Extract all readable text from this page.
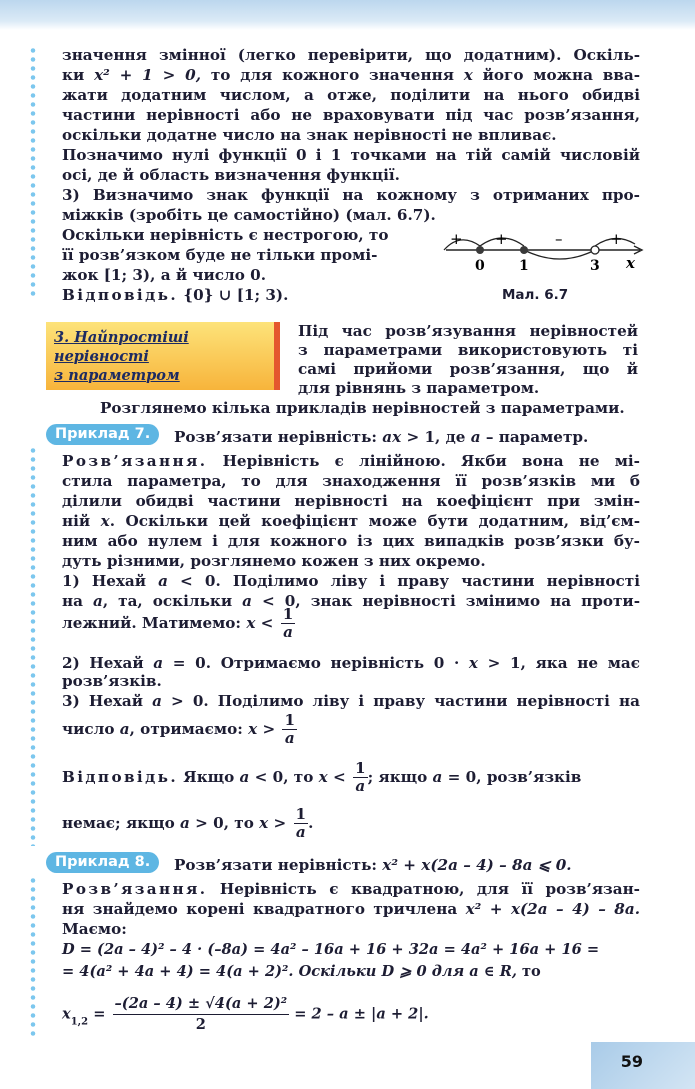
значення змінної (легко перевірити, що додатним). Оскіль-
ки x² + 1 > 0, то для кожного значення x його можна вва-
жати додатним числом, а отже, поділити на нього обидві
частини нерівності або не враховувати під час розв’язання,
оскільки додатне число на знак нерівності не впливає.
Позначимо нулі функції 0 і 1 точками на тій самій числовій
осі, де й область визначення функції.
3) Визначимо знак функції на кожному з отриманих про-
міжків (зробіть це самостійно) (мал. 6.7).
Оскільки нерівність є нестрогою, то
її розв’язком буде не тільки промі-
жок [1; 3), а й число 0.
Відповідь. {0} ∪ [1; 3).
+ +	–	+
0 1	3 x
Мал. 6.7
3. Найпростіші
нерівності
з параметром
Під час розв’язування нерівностей
з параметрами використовують ті
самі прийоми розв’язання, що й
для рівнянь з параметром.
Розглянемо кілька прикладів нерівностей з параметрами.
Приклад 7.	Розв’язати нерівність: ax > 1, де a – параметр.
Розв’язання. Нерівність є лінійною. Якби вона не мі-
стила параметра, то для знаходження її розв’язків ми б
ділили обидві частини нерівності на коефіцієнт при змін-
ній x. Оскільки цей коефіцієнт може бути додатним, від’єм-
ним або нулем і для кожного із цих випадків розв’язки бу-
дуть різними, розглянемо кожен з них окремо.
1) Нехай a < 0. Поділимо ліву і праву частини нерівності
на a, та, оскільки a < 0, знак нерівності змінимо на проти-
лежний. Матимемо: $x < \frac{1}{a}$
2) Нехай a = 0. Отримаємо нерівність 0 · x > 1, яка не має
розв’язків.
3) Нехай a > 0. Поділимо ліву і праву частини нерівності на
число a, отримаємо: $x > \frac{1}{a}$
Відповідь. Якщо a < 0, то $x < \frac{1}{a}$ ; якщо a = 0, розв’язків
немає; якщо a > 0, то $x > \frac{1}{a}$ .
Приклад 8.	Розв’язати нерівність: x² + x(2a – 4) – 8a ⩽ 0.
Розв’язання. Нерівність є квадратною, для її розв’язан-
ня знайдемо корені квадратного тричлена x² + x(2a – 4) – 8a.
Маємо:
D = (2a – 4)² – 4 · (–8a) = 4a² – 16a + 16 + 32a = 4a² + 16a + 16 =
= 4(a² + 4a + 4) = 4(a + 2)². Оскільки D ⩾ 0 для a ∈ R, то
$x_{1,2} = \frac{\text{–(2a – 4) ± √4(a + 2)²}}{2} = 2 - a \pm |a + 2|$.
59
